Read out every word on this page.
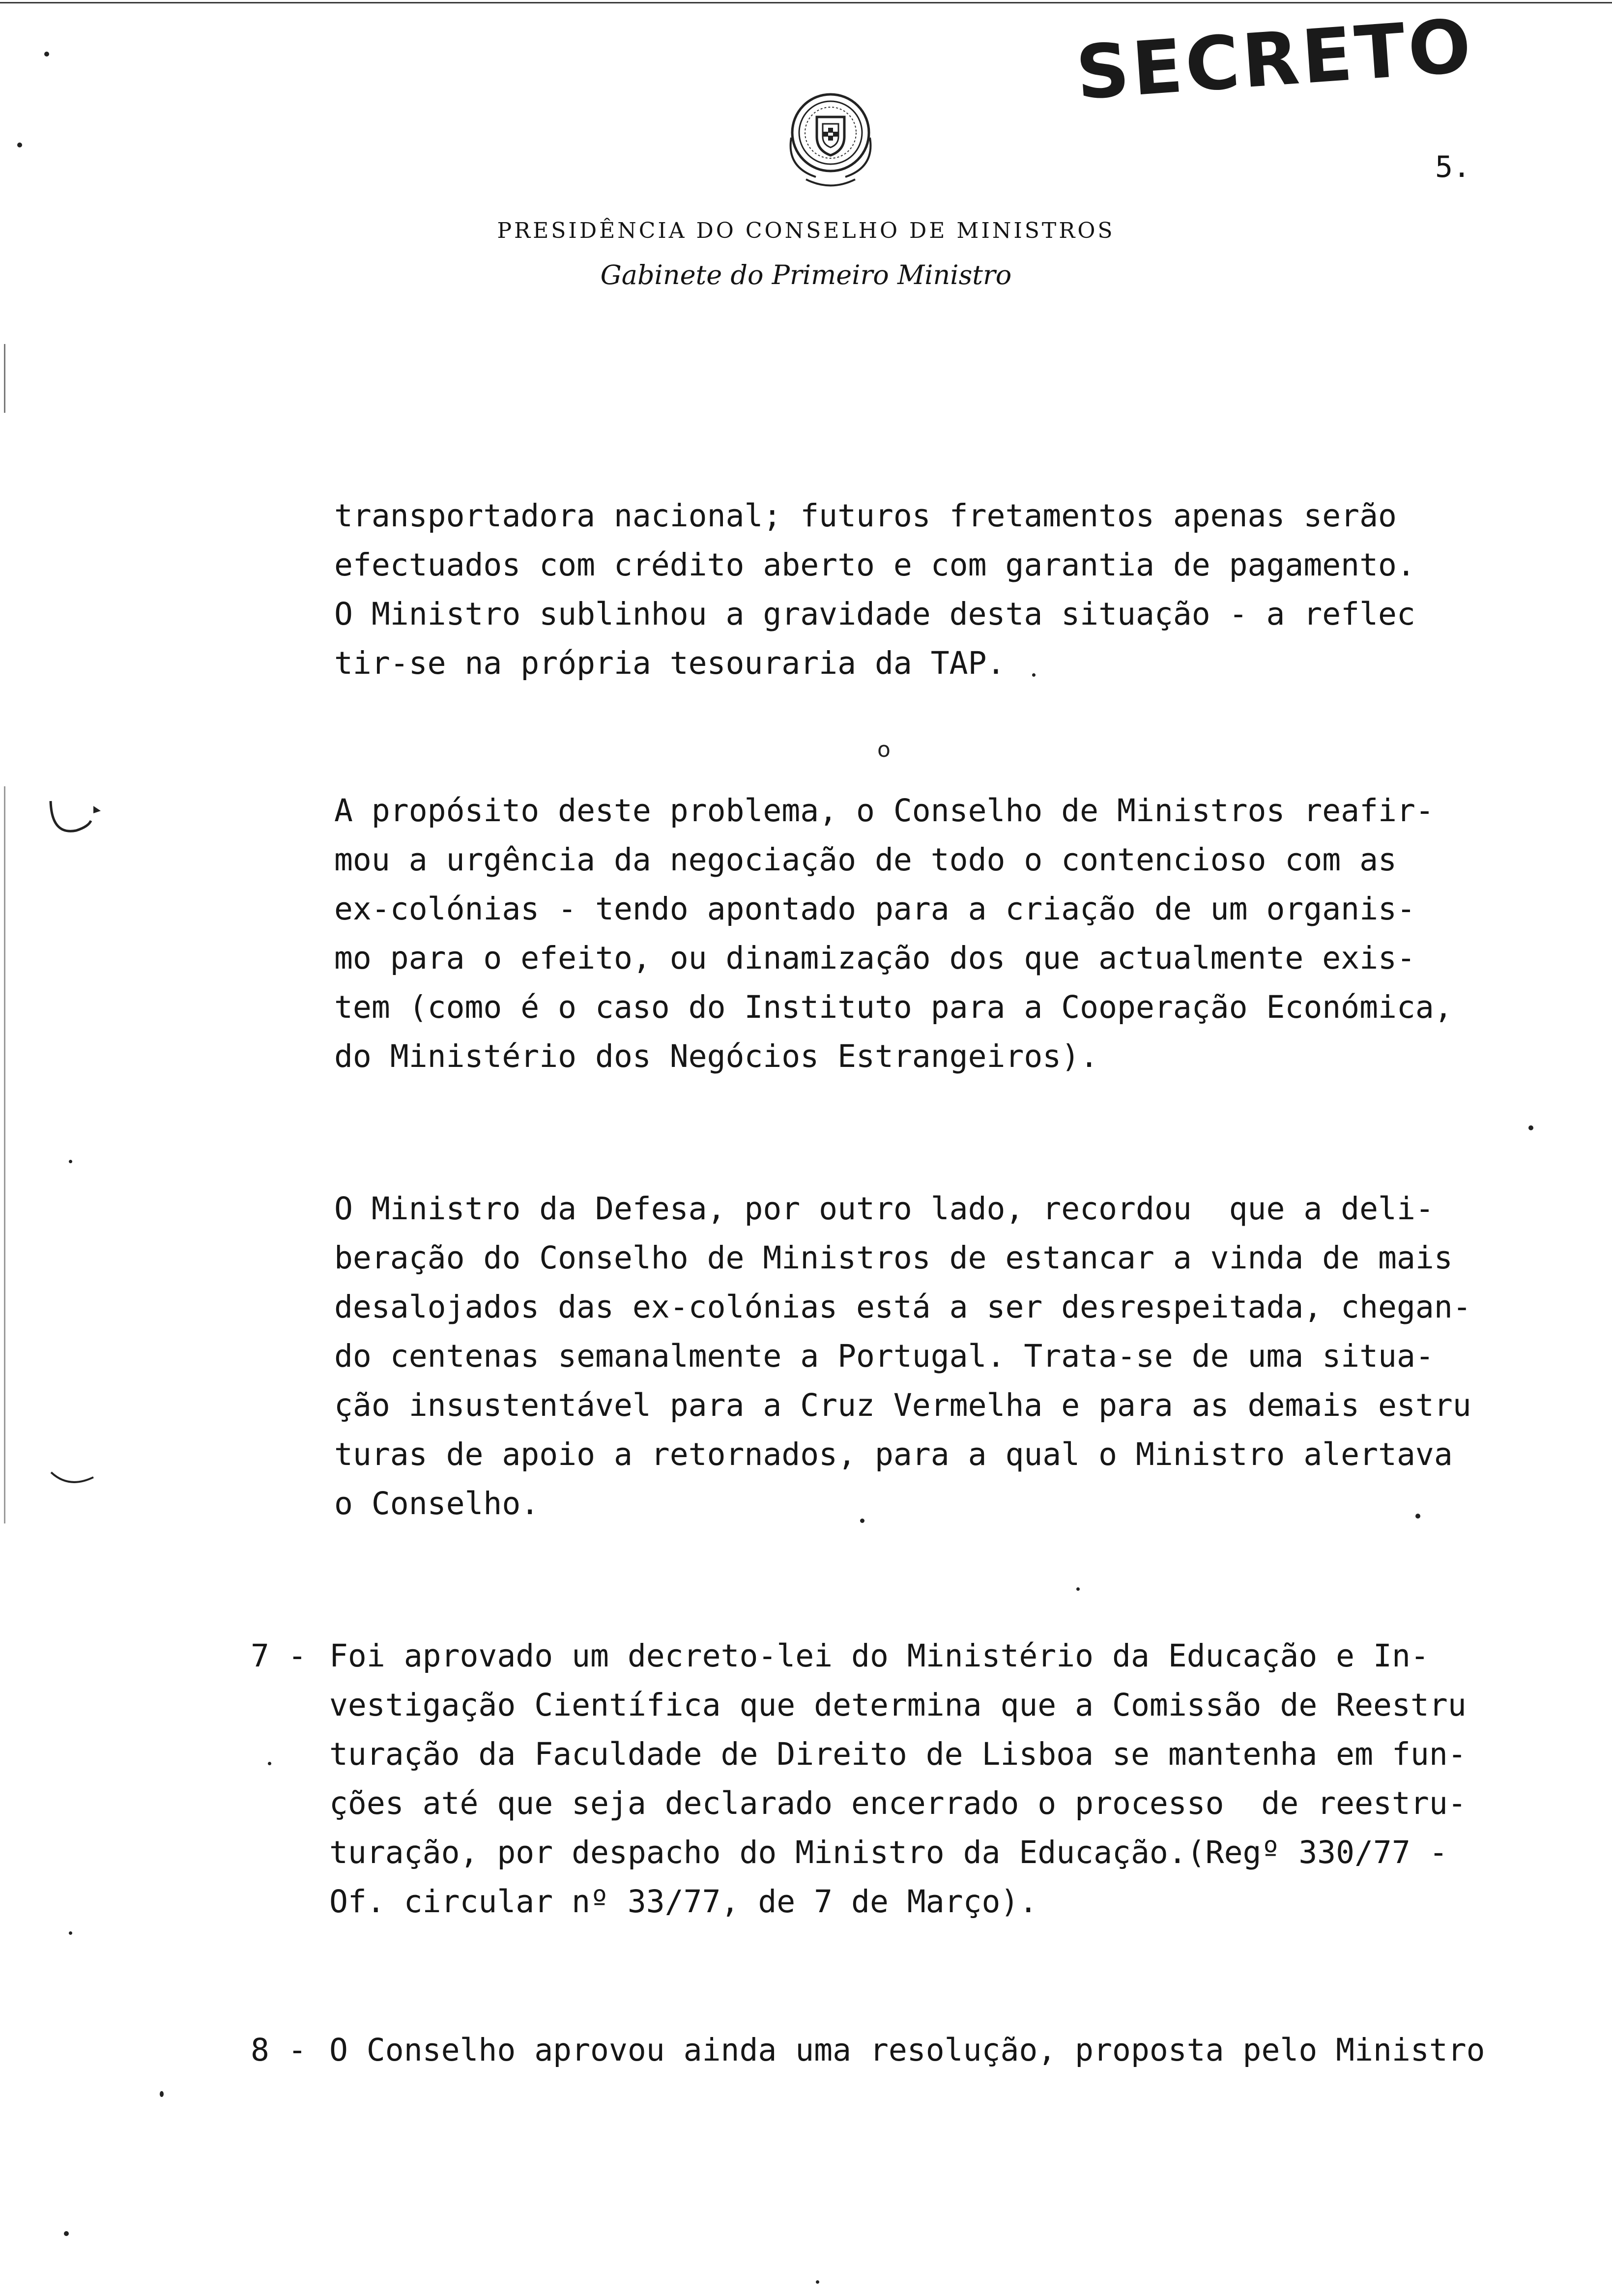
SECRETO
5.
PRESIDÊNCIA DO CONSELHO DE MINISTROS
Gabinete do Primeiro Ministro
transportadora nacional; futuros fretamentos apenas serão
efectuados com crédito aberto e com garantia de pagamento.
O Ministro sublinhou a gravidade desta situação - a reflec
tir-se na própria tesouraria da TAP.
o
A propósito deste problema, o Conselho de Ministros reafir-
mou a urgência da negociação de todo o contencioso com as
ex-colónias - tendo apontado para a criação de um organis-
mo para o efeito, ou dinamização dos que actualmente exis-
tem (como é o caso do Instituto para a Cooperação Económica,
do Ministério dos Negócios Estrangeiros).
O Ministro da Defesa, por outro lado, recordou  que a deli-
beração do Conselho de Ministros de estancar a vinda de mais
desalojados das ex-colónias está a ser desrespeitada, chegan-
do centenas semanalmente a Portugal. Trata-se de uma situa-
ção insustentável para a Cruz Vermelha e para as demais estru
turas de apoio a retornados, para a qual o Ministro alertava
o Conselho.
7 - Foi aprovado um decreto-lei do Ministério da Educação e In-
vestigação Científica que determina que a Comissão de Reestru
turação da Faculdade de Direito de Lisboa se mantenha em fun-
ções até que seja declarado encerrado o processo  de reestru-
turação, por despacho do Ministro da Educação.(Regº 330/77 -
Of. circular nº 33/77, de 7 de Março).
8 - O Conselho aprovou ainda uma resolução, proposta pelo Ministro
